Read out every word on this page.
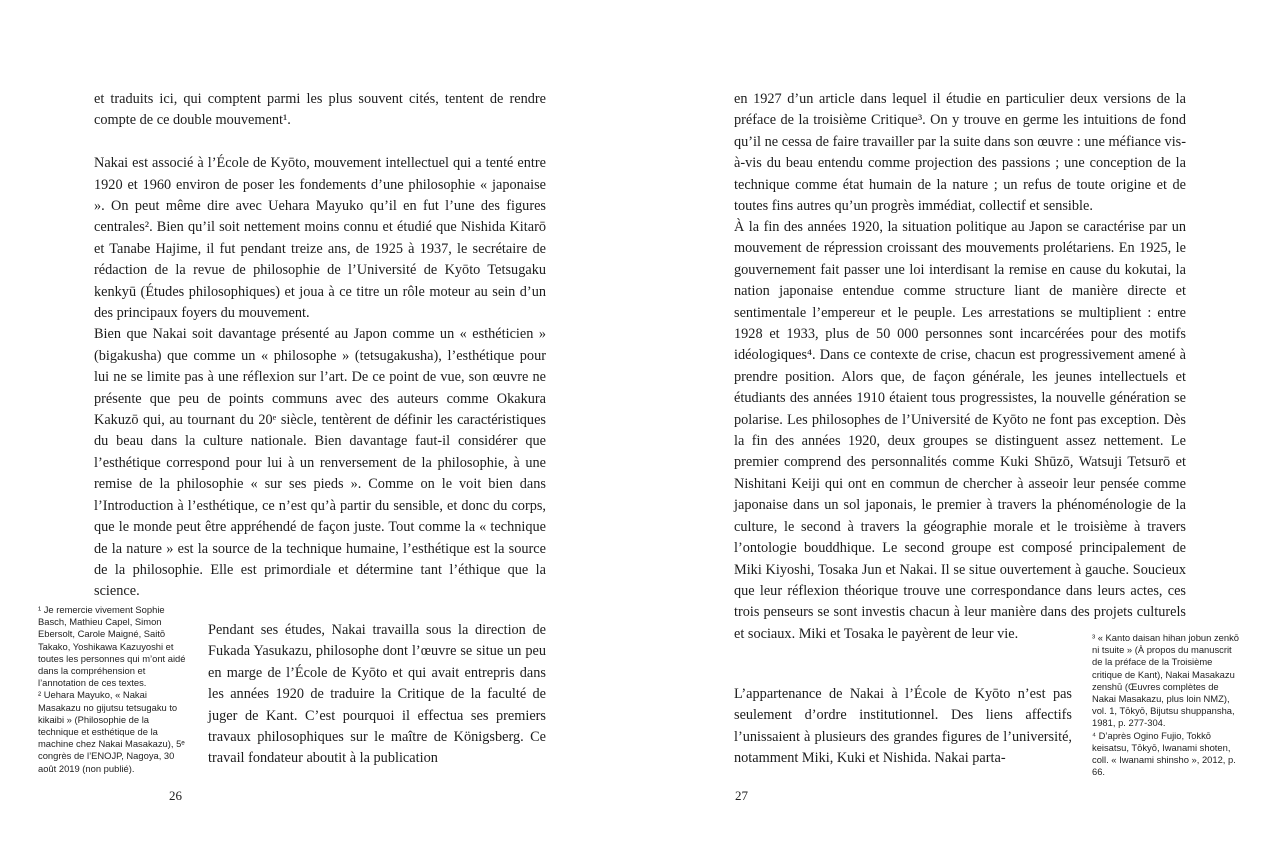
et traduits ici, qui comptent parmi les plus souvent cités, tentent de rendre compte de ce double mouvement¹.

Nakai est associé à l’École de Kyōto, mouvement intellectuel qui a tenté entre 1920 et 1960 environ de poser les fondements d’une philosophie « japonaise ». On peut même dire avec Uehara Mayuko qu’il en fut l’une des figures centrales². Bien qu’il soit nettement moins connu et étudié que Nishida Kitarō et Tanabe Hajime, il fut pendant treize ans, de 1925 à 1937, le secrétaire de rédaction de la revue de philosophie de l’Université de Kyōto Tetsugaku kenkyū (Études philosophiques) et joua à ce titre un rôle moteur au sein d’un des principaux foyers du mouvement.

Bien que Nakai soit davantage présenté au Japon comme un « esthéticien » (bigakusha) que comme un « philosophe » (tetsugakusha), l’esthétique pour lui ne se limite pas à une réflexion sur l’art. De ce point de vue, son œuvre ne présente que peu de points communs avec des auteurs comme Okakura Kakuzō qui, au tournant du 20ᵉ siècle, tentèrent de définir les caractéristiques du beau dans la culture nationale. Bien davantage faut-il considérer que l’esthétique correspond pour lui à un renversement de la philosophie, à une remise de la philosophie « sur ses pieds ». Comme on le voit bien dans l’Introduction à l’esthétique, ce n’est qu’à partir du sensible, et donc du corps, que le monde peut être appréhendé de façon juste. Tout comme la « technique de la nature » est la source de la technique humaine, l’esthétique est la source de la philosophie. Elle est primordiale et détermine tant l’éthique que la science.

Pendant ses études, Nakai travailla sous la direction de Fukada Yasukazu, philosophe dont l’œuvre se situe un peu en marge de l’École de Kyōto et qui avait entrepris dans les années 1920 de traduire la Critique de la faculté de juger de Kant. C’est pourquoi il effectua ses premiers travaux philosophiques sur le maître de Königsberg. Ce travail fondateur aboutit à la publication

¹ Je remercie vivement Sophie Basch, Mathieu Capel, Simon Ebersolt, Carole Maigné, Saitō Takako, Yoshikawa Kazuyoshi et toutes les personnes qui m’ont aidé dans la compréhension et l’annotation de ces textes.

² Uehara Mayuko, « Nakai Masakazu no gijutsu tetsugaku to kikaibi » (Philosophie de la technique et esthétique de la machine chez Nakai Masakazu), 5ᵉ congrès de l’ENOJP, Nagoya, 30 août 2019 (non publié).

26

en 1927 d’un article dans lequel il étudie en particulier deux versions de la préface de la troisième Critique³. On y trouve en germe les intuitions de fond qu’il ne cessa de faire travailler par la suite dans son œuvre : une méfiance vis-à-vis du beau entendu comme projection des passions ; une conception de la technique comme état humain de la nature ; un refus de toute origine et de toutes fins autres qu’un progrès immédiat, collectif et sensible.

À la fin des années 1920, la situation politique au Japon se caractérise par un mouvement de répression croissant des mouvements prolétariens. En 1925, le gouvernement fait passer une loi interdisant la remise en cause du kokutai, la nation japonaise entendue comme structure liant de manière directe et sentimentale l’empereur et le peuple. Les arrestations se multiplient : entre 1928 et 1933, plus de 50 000 personnes sont incarcérées pour des motifs idéologiques⁴. Dans ce contexte de crise, chacun est progressivement amené à prendre position. Alors que, de façon générale, les jeunes intellectuels et étudiants des années 1910 étaient tous progressistes, la nouvelle génération se polarise. Les philosophes de l’Université de Kyōto ne font pas exception. Dès la fin des années 1920, deux groupes se distinguent assez nettement. Le premier comprend des personnalités comme Kuki Shūzō, Watsuji Tetsurō et Nishitani Keiji qui ont en commun de chercher à asseoir leur pensée comme japonaise dans un sol japonais, le premier à travers la phénoménologie de la culture, le second à travers la géographie morale et le troisième à travers l’ontologie bouddhique. Le second groupe est composé principalement de Miki Kiyoshi, Tosaka Jun et Nakai. Il se situe ouvertement à gauche. Soucieux que leur réflexion théorique trouve une correspondance dans leurs actes, ces trois penseurs se sont investis chacun à leur manière dans des projets culturels et sociaux. Miki et Tosaka le payèrent de leur vie.

L’appartenance de Nakai à l’École de Kyōto n’est pas seulement d’ordre institutionnel. Des liens affectifs l’unissaient à plusieurs des grandes figures de l’université, notamment Miki, Kuki et Nishida. Nakai parta-

³ « Kanto daisan hihan jobun zenkō ni tsuite » (À propos du manuscrit de la préface de la Troisième critique de Kant), Nakai Masakazu zenshū (Œuvres complètes de Nakai Masakazu, plus loin NMZ), vol. 1, Tōkyō, Bijutsu shuppansha, 1981, p. 277-304.

⁴ D’après Ogino Fujio, Tokkō keisatsu, Tōkyō, Iwanami shoten, coll. « Iwanami shinsho », 2012, p. 66.

27
